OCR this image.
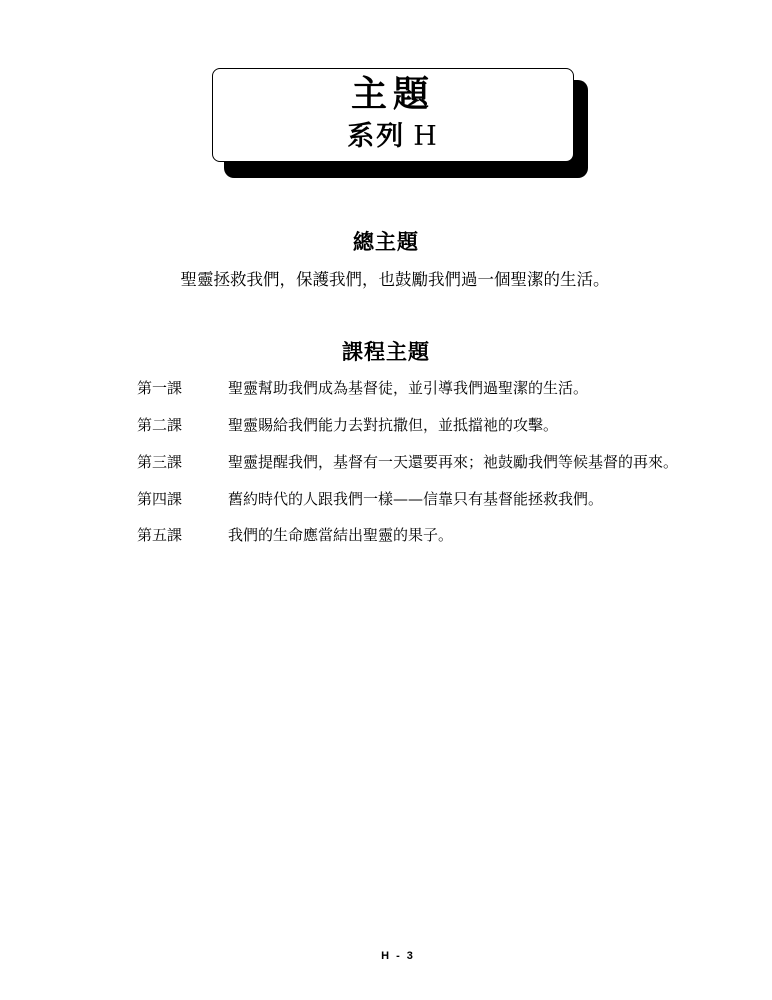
主題
系列 H
總主題
聖靈拯救我們，保護我們，也鼓勵我們過一個聖潔的生活。
課程主題
第一課	聖靈幫助我們成為基督徒，並引導我們過聖潔的生活。
第二課	聖靈賜給我們能力去對抗撒但，並抵擋祂的攻擊。
第三課	聖靈提醒我們，基督有一天還要再來；祂鼓勵我們等候基督的再來。
第四課	舊約時代的人跟我們一樣——信靠只有基督能拯救我們。
第五課	我們的生命應當結出聖靈的果子。
H - 3
